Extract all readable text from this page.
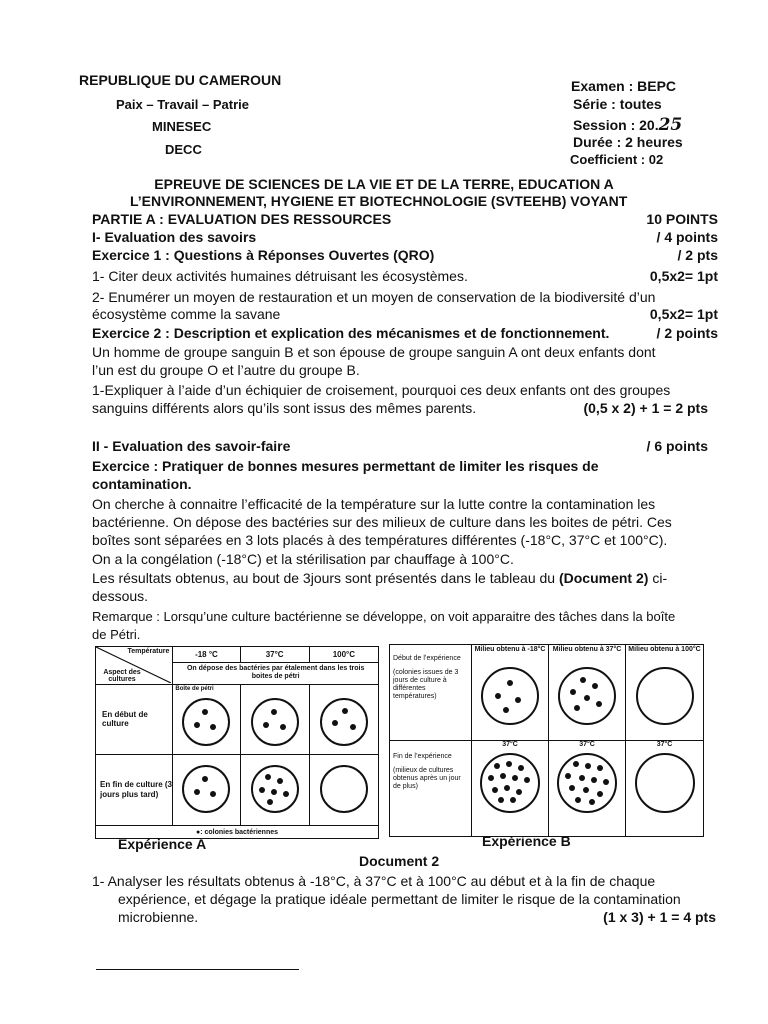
REPUBLIQUE DU CAMEROUN
Paix – Travail – Patrie
MINESEC
DECC
Examen : BEPC
Série : toutes
Session : 20.25
Durée : 2 heures
Coefficient : 02
EPREUVE DE SCIENCES DE LA VIE ET DE LA TERRE, EDUCATION A
L’ENVIRONNEMENT, HYGIENE ET BIOTECHNOLOGIE (SVTEEHB) VOYANT
PARTIE A : EVALUATION DES RESSOURCES	10 POINTS
I- Evaluation des savoirs	/ 4 points
Exercice 1 : Questions à Réponses Ouvertes (QRO)	/ 2 pts
1- Citer deux activités humaines détruisant les écosystèmes.	0,5x2= 1pt
2- Enumérer un moyen de restauration et un moyen de conservation de la biodiversité d’un
écosystème comme la savane	0,5x2= 1pt
Exercice 2 : Description et explication des mécanismes et de fonctionnement.	/ 2 points
Un homme de groupe sanguin B et son épouse de groupe sanguin A ont deux enfants dont
l’un est du groupe O et l’autre du groupe B.
1-Expliquer à l’aide d’un échiquier de croisement, pourquoi ces deux enfants ont des groupes
sanguins différents alors qu’ils sont issus des mêmes parents.	(0,5 x 2) + 1 = 2 pts
II - Evaluation des savoir-faire	/ 6 points
Exercice : Pratiquer de bonnes mesures permettant de limiter les risques de
contamination.
On cherche à connaitre l’efficacité de la température sur la lutte contre la contamination les
bactérienne. On dépose des bactéries sur des milieux de culture dans les boites de pétri. Ces
boîtes sont séparées en 3 lots placés à des températures différentes (-18°C, 37°C et 100°C).
On a la congélation (-18°C) et la stérilisation par chauffage à 100°C.
Les résultats obtenus, au bout de 3jours sont présentés dans le tableau du (Document 2) ci-
dessous.
Remarque : Lorsqu’une culture bactérienne se développe, on voit apparaitre des tâches dans la boîte
de Pétri.
Température
Aspect des cultures	-18 °C	37°C	100°C
	On dépose des bactéries par étalement dans les trois boites de pétri		
En début de culture	Boîte de pétri		

En fin de culture (3 jours plus tard)	

●: colonies bactériennes			
Expérience A
Début de l’expérience
(colonies issues de 3 jours de culture à différentes températures)	Milieu obtenu à -18°C	Milieu obtenu à 37°C	Milieu obtenu à 100°C

Fin de l’expérience
(milieux de cultures obtenus après un jour de plus)	37°C	37°C	37°C
Expérience B
Document 2
1- Analyser les résultats obtenus à -18°C, à 37°C et à 100°C au début et à la fin de chaque
expérience, et dégage la pratique idéale permettant de limiter le risque de la contamination
microbienne.	(1 x 3) + 1 = 4 pts
